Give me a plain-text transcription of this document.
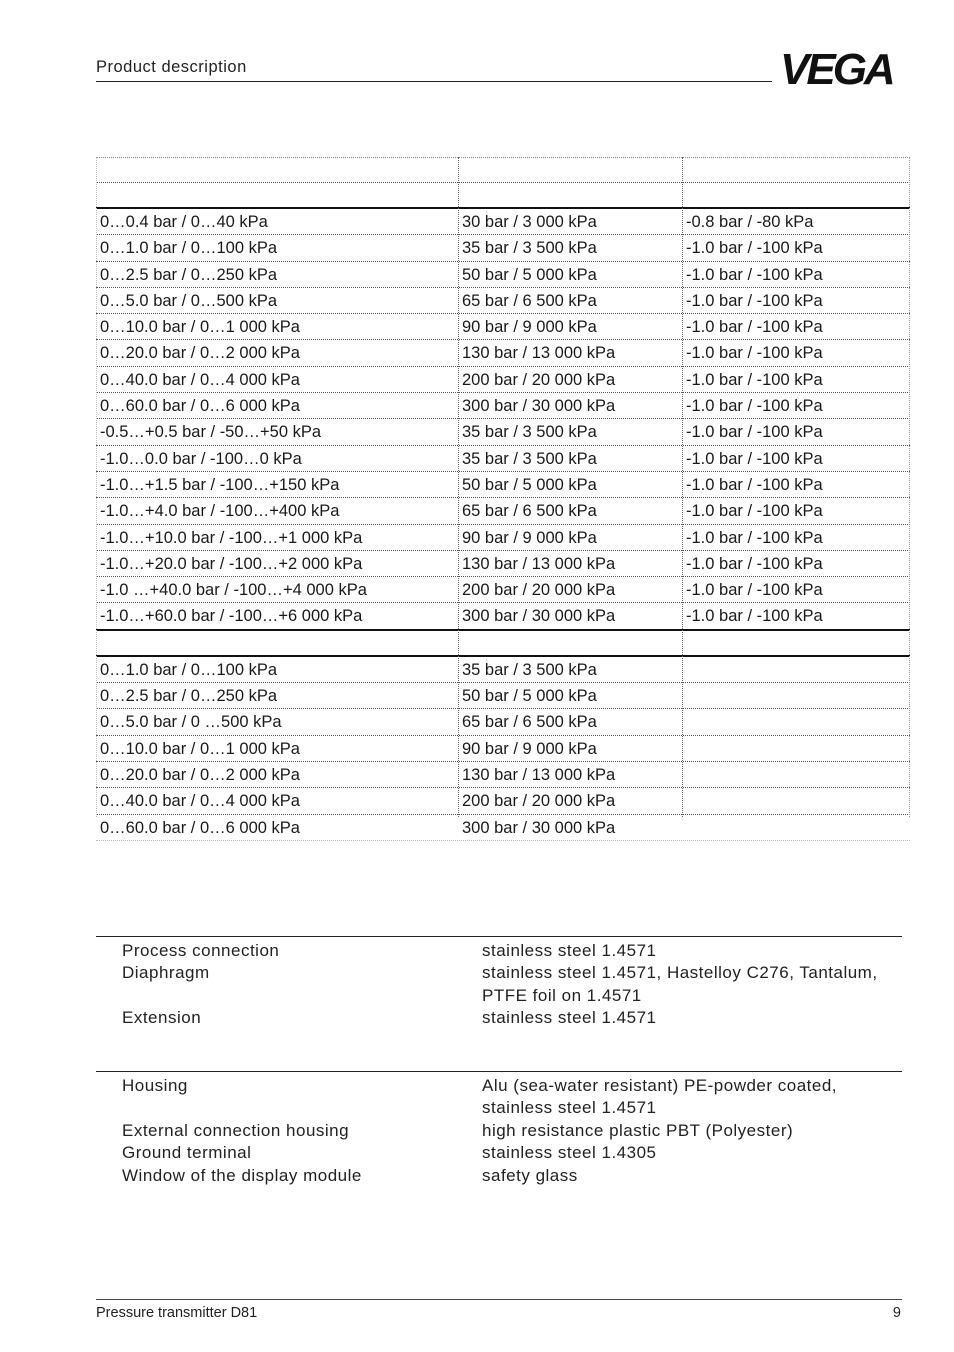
Product description	VEGA
0…0.4 bar / 0…40 kPa	30 bar / 3 000 kPa	-0.8 bar / -80 kPa
0…1.0 bar / 0…100 kPa	35 bar / 3 500 kPa	-1.0 bar / -100 kPa
0…2.5 bar / 0…250 kPa	50 bar / 5 000 kPa	-1.0 bar / -100 kPa
0…5.0 bar / 0…500 kPa	65 bar / 6 500 kPa	-1.0 bar / -100 kPa
0…10.0 bar / 0…1 000 kPa	90 bar / 9 000 kPa	-1.0 bar / -100 kPa
0…20.0 bar / 0…2 000 kPa	130 bar / 13 000 kPa	-1.0 bar / -100 kPa
0…40.0 bar / 0…4 000 kPa	200 bar / 20 000 kPa	-1.0 bar / -100 kPa
0…60.0 bar / 0…6 000 kPa	300 bar / 30 000 kPa	-1.0 bar / -100 kPa
-0.5…+0.5 bar / -50…+50 kPa	35 bar / 3 500 kPa	-1.0 bar / -100 kPa
-1.0…0.0 bar / -100…0 kPa	35 bar / 3 500 kPa	-1.0 bar / -100 kPa
-1.0…+1.5 bar / -100…+150 kPa	50 bar / 5 000 kPa	-1.0 bar / -100 kPa
-1.0…+4.0 bar / -100…+400 kPa	65 bar / 6 500 kPa	-1.0 bar / -100 kPa
-1.0…+10.0 bar / -100…+1 000 kPa	90 bar / 9 000 kPa	-1.0 bar / -100 kPa
-1.0…+20.0 bar / -100…+2 000 kPa	130 bar / 13 000 kPa	-1.0 bar / -100 kPa
-1.0 …+40.0 bar / -100…+4 000 kPa	200 bar / 20 000 kPa	-1.0 bar / -100 kPa
-1.0…+60.0 bar / -100…+6 000 kPa	300 bar / 30 000 kPa	-1.0 bar / -100 kPa
0…1.0 bar / 0…100 kPa	35 bar / 3 500 kPa
0…2.5 bar / 0…250 kPa	50 bar / 5 000 kPa
0…5.0 bar / 0 …500 kPa	65 bar / 6 500 kPa
0…10.0 bar / 0…1 000 kPa	90 bar / 9 000 kPa
0…20.0 bar / 0…2 000 kPa	130 bar / 13 000 kPa
0…40.0 bar / 0…4 000 kPa	200 bar / 20 000 kPa
0…60.0 bar / 0…6 000 kPa	300 bar / 30 000 kPa
Process connection	stainless steel 1.4571
Diaphragm	stainless steel 1.4571, Hastelloy C276, Tantalum,
PTFE foil on 1.4571
Extension	stainless steel 1.4571
Housing	Alu (sea-water resistant) PE-powder coated,
stainless steel 1.4571
External connection housing	high resistance plastic PBT (Polyester)
Ground terminal	stainless steel 1.4305
Window of the display module	safety glass
Pressure transmitter D81	9
